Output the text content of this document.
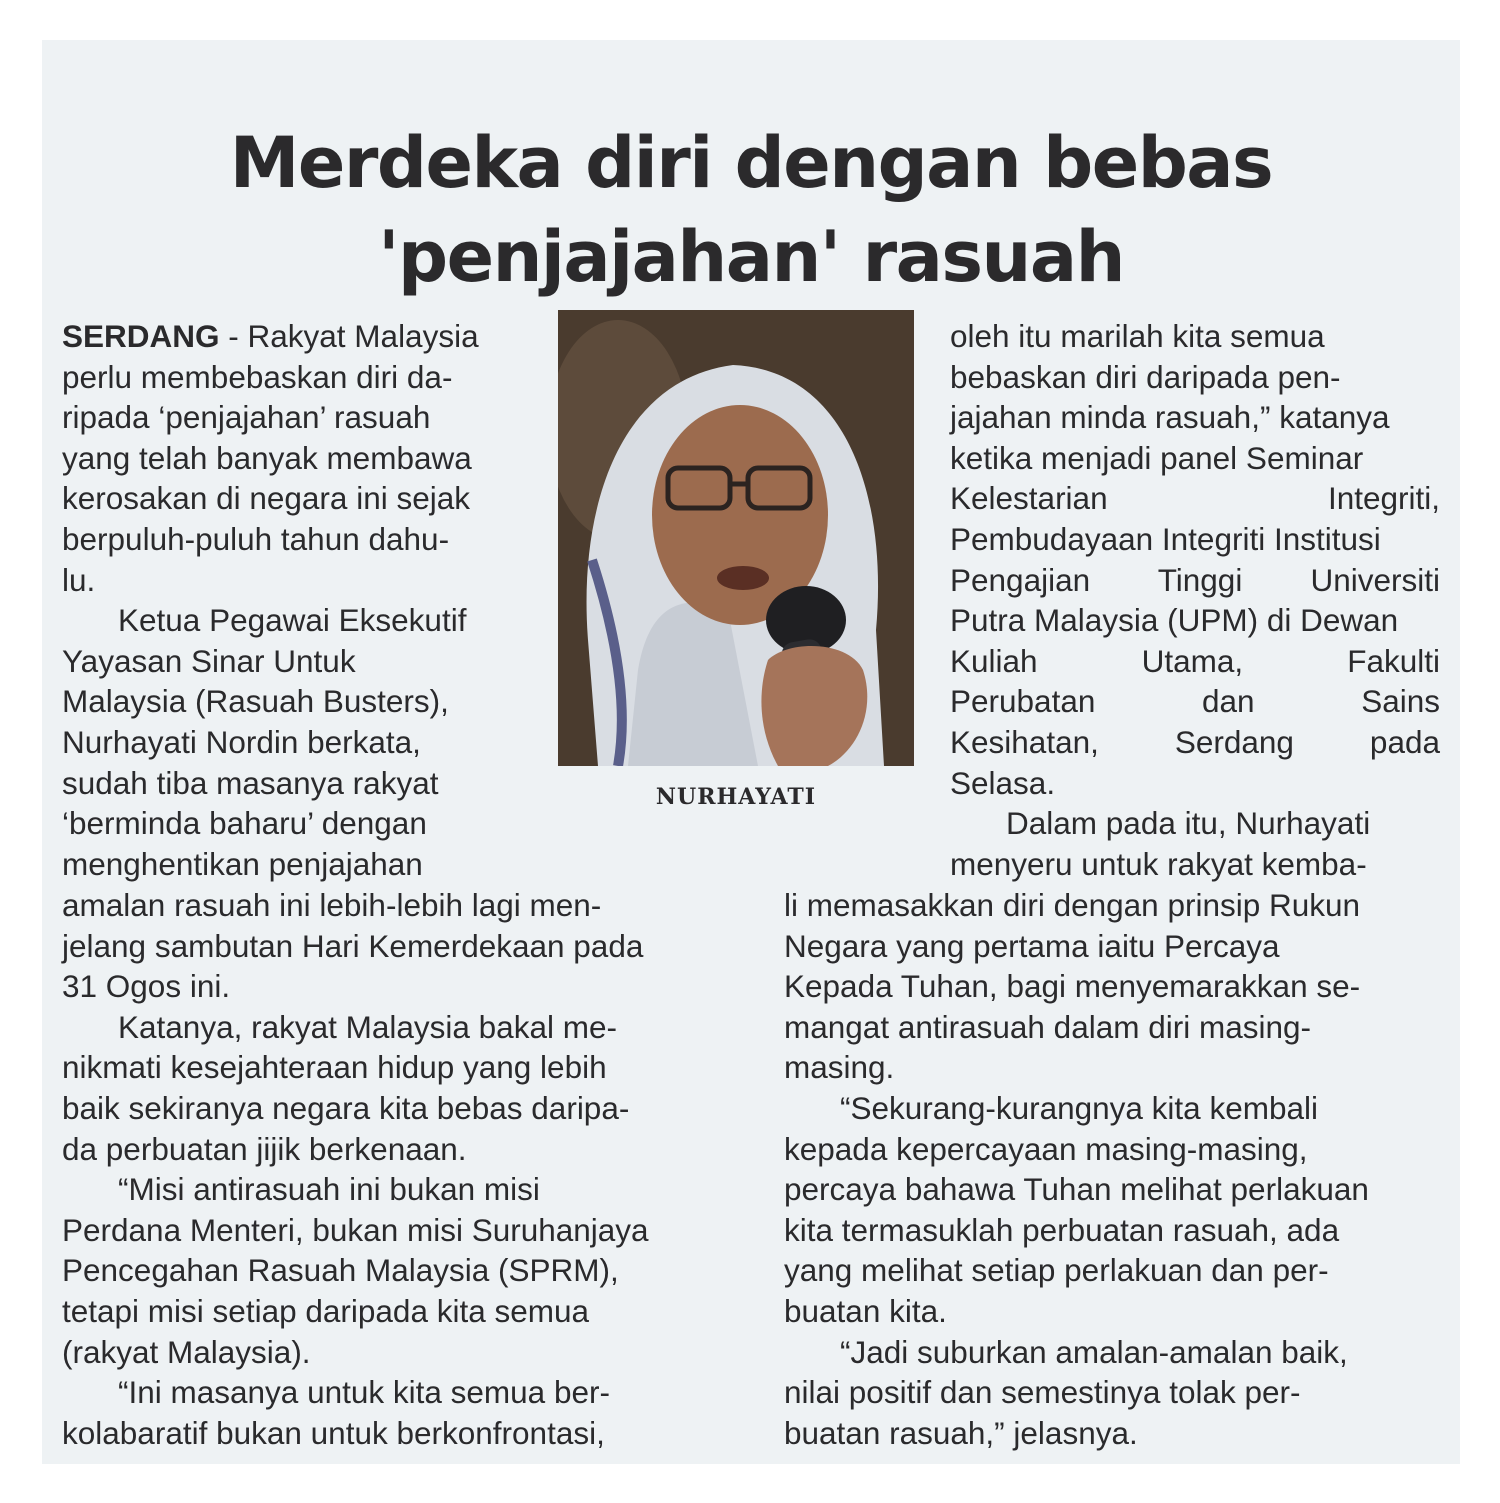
Merdeka diri dengan bebas
'penjajahan' rasuah

SERDANG - Rakyat Malaysia
perlu membebaskan diri da-
ripada ‘penjajahan’ rasuah
yang telah banyak membawa
kerosakan di negara ini sejak
berpuluh-puluh tahun dahu-
lu.

Ketua Pegawai Eksekutif
Yayasan Sinar Untuk
Malaysia (Rasuah Busters),
Nurhayati Nordin berkata,
sudah tiba masanya rakyat
‘berminda baharu’ dengan
menghentikan penjajahan

NURHAYATI

oleh itu marilah kita semua
bebaskan diri daripada pen-
jajahan minda rasuah,” katanya
ketika menjadi panel Seminar
Kelestarian Integriti,
Pembudayaan Integriti Institusi
Pengajian Tinggi Universiti
Putra Malaysia (UPM) di Dewan
Kuliah Utama, Fakulti
Perubatan dan Sains
Kesihatan, Serdang pada
Selasa.

Dalam pada itu, Nurhayati
menyeru untuk rakyat kemba-

amalan rasuah ini lebih-lebih lagi men-
jelang sambutan Hari Kemerdekaan pada
31 Ogos ini.

Katanya, rakyat Malaysia bakal me-
nikmati kesejahteraan hidup yang lebih
baik sekiranya negara kita bebas daripa-
da perbuatan jijik berkenaan.

“Misi antirasuah ini bukan misi
Perdana Menteri, bukan misi Suruhanjaya
Pencegahan Rasuah Malaysia (SPRM),
tetapi misi setiap daripada kita semua
(rakyat Malaysia).

“Ini masanya untuk kita semua ber-
kolabaratif bukan untuk berkonfrontasi,

li memasakkan diri dengan prinsip Rukun
Negara yang pertama iaitu Percaya
Kepada Tuhan, bagi menyemarakkan se-
mangat antirasuah dalam diri masing-
masing.

“Sekurang-kurangnya kita kembali
kepada kepercayaan masing-masing,
percaya bahawa Tuhan melihat perlakuan
kita termasuklah perbuatan rasuah, ada
yang melihat setiap perlakuan dan per-
buatan kita.

“Jadi suburkan amalan-amalan baik,
nilai positif dan semestinya tolak per-
buatan rasuah,” jelasnya.
